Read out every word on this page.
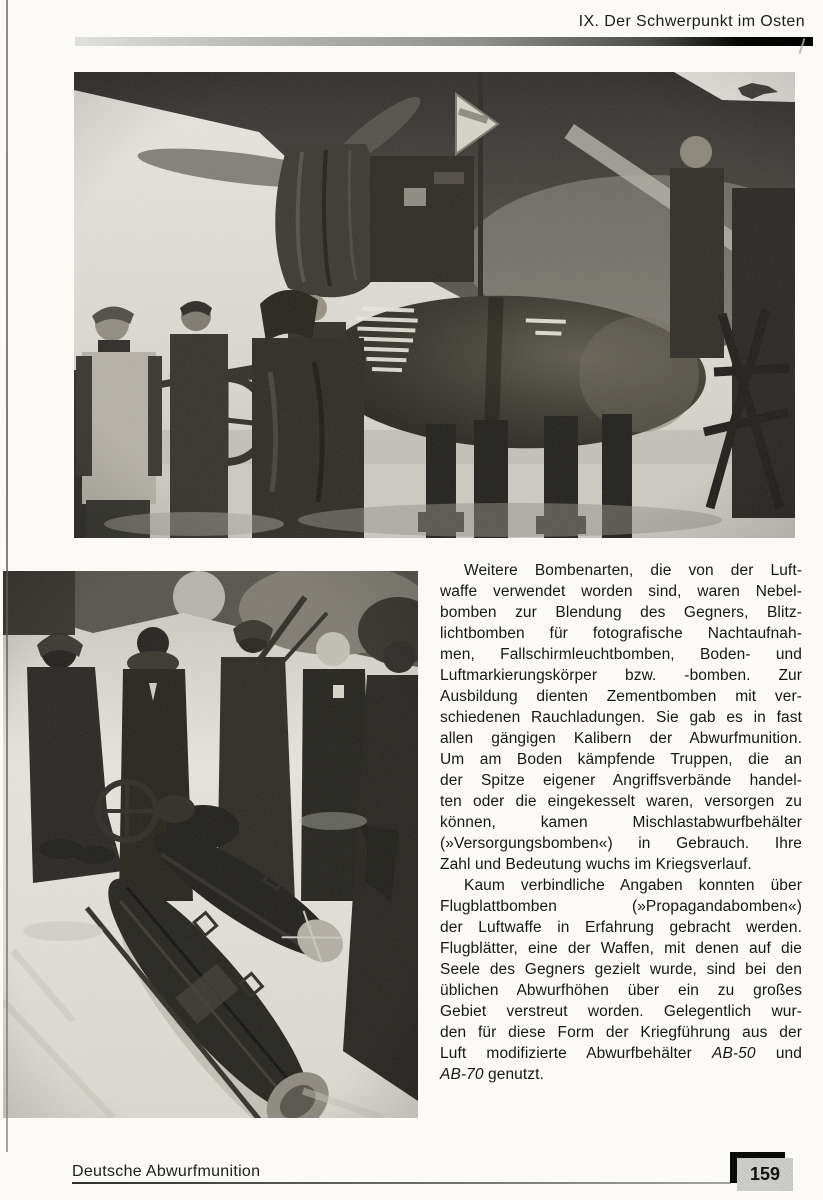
IX. Der Schwerpunkt im Osten
Weitere Bombenarten, die von der Luft-
waffe verwendet worden sind, waren Nebel-
bomben zur Blendung des Gegners, Blitz-
lichtbomben für fotografische Nachtaufnah-
men, Fallschirmleuchtbomben, Boden- und
Luftmarkierungskörper bzw. -bomben. Zur
Ausbildung dienten Zementbomben mit ver-
schiedenen Rauchladungen. Sie gab es in fast
allen gängigen Kalibern der Abwurfmunition.
Um am Boden kämpfende Truppen, die an
der Spitze eigener Angriffsverbände handel-
ten oder die eingekesselt waren, versorgen zu
können, kamen Mischlastabwurfbehälter
(»Versorgungsbomben«) in Gebrauch. Ihre
Zahl und Bedeutung wuchs im Kriegsverlauf.
Kaum verbindliche Angaben konnten über
Flugblattbomben (»Propagandabomben«)
der Luftwaffe in Erfahrung gebracht werden.
Flugblätter, eine der Waffen, mit denen auf die
Seele des Gegners gezielt wurde, sind bei den
üblichen Abwurfhöhen über ein zu großes
Gebiet verstreut worden. Gelegentlich wur-
den für diese Form der Kriegführung aus der
Luft modifizierte Abwurfbehälter AB-50 und
AB-70 genutzt.
Deutsche Abwurfmunition	159
